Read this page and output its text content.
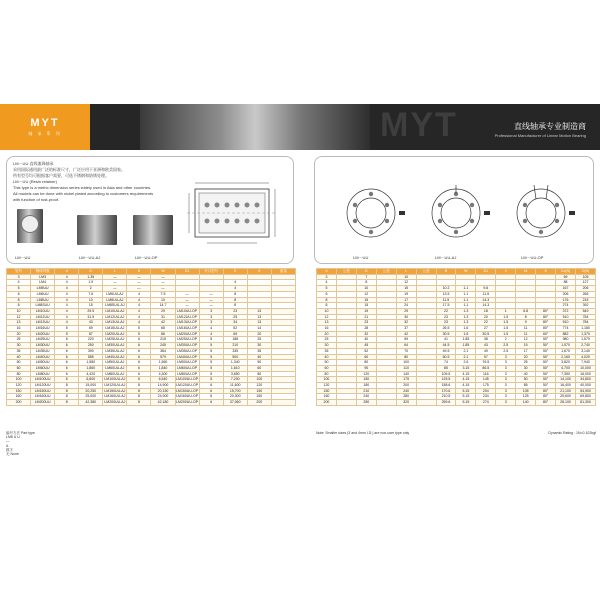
MYT
MYT
轴 承 系 列
直线轴承专业制造商
Professional Manufacturer of Linear Motion Bearing
LM···UU 直线滚珠轴承
采用国际通用最广泛的标准尺寸，广泛应用于亚洲和欧美国家。
所有型号均可根据客户需要，可选不锈钢和防锈处理。
LM···UU (Resin retainer)
This type is a metric dimension series widely used in Asia and other countries.
All models can be done with nickel plated according to customers requirements
with function of rust-proof.
LM···UU	LM···UU-AJ	LM···UU-OP	LM···UU	LM···UU-AJ	LM···UU-OP
型号	钢球列数	d	D	L	B	W	D1	开口型号	E	θ	重量
3	LM3	4	1.35	—	—	—					
4	LM4	4	1.9	—	—	—			4		
5	LM5UU	4	2	—	—	—			4		
6	LM6UU	4	7.6	LM6UU-AJ	4	7.5	—	—	8		
8	LM8UU	4	10	LM8UU-AJ	4	10	—	—	8		
8	LM8SUU	4	15	LM8SUU-AJ	4	14.7	—	—	8		
10	LM10UU	4	29.5	LM10UU-AJ	4	29	LM10UU-OP	3	23	13	
12	LM12UU	4	31.5	LM12UU-AJ	4	31	LM12UU-OP	3	25	13	
13	LM13UU	4	43	LM13UU-AJ	4	42	LM13UU-OP	3	34	13	
16	LM16UU	5	69	LM16UU-AJ	5	68	LM16UU-OP	4	52	14	
20	LM20UU	5	87	LM20UU-AJ	5	86	LM20UU-OP	4	69	20	
25	LM25UU	6	220	LM25UU-AJ	6	215	LM25UU-OP	5	188	25	
30	LM30UU	6	250	LM30UU-AJ	6	245	LM30UU-OP	5	210	30	
35	LM35UU	6	390	LM35UU-AJ	6	384	LM35UU-OP	5	335	35	
40	LM40UU	6	585	LM40UU-AJ	6	579	LM40UU-OP	5	500	40	
50	LM50UU	6	1,580	LM50UU-AJ	6	1,560	LM50UU-OP	5	1,340	50	
60	LM60UU	6	1,860	LM60UU-AJ	6	1,840	LM60UU-OP	5	1,610	60	
80	LM80UU	6	4,420	LM80UU-AJ	6	4,300	LM80UU-OP	5	3,650	80	
100	LM100UU	6	6,600	LM100UU-AJ	6	6,540	LM100UU-OP	5	7,200	100	
120	LM120UU	8	15,000	LM120UU-AJ	8	14,900	LM120UU-OP	6	11,600	120	
150	LM150UU	8	20,250	LM150UU-AJ	8	20,150	LM150UU-OP	6	15,700	150	
160	LM160UU	8	25,000	LM160UU-AJ	8	24,900	LM160UU-OP	6	20,300	160	
200	LM200UU	8	42,380	LM200UU-AJ	8	42,180	LM200UU-OP	6	37,060	200	
d	公差	D	公差	L	公差	B	W	D1	h	h1	θ	Co(N)	C(N)
3		7		10								69	105
4		8		12								88	127
5		10		15		10.2	1.1	9.6				167	206
6		12		19		13.5	1.1	11.5				206	265
8		15		17		11.5	1.1	14.3				176	215
8		15		24		17.5	1.1	14.3				274	392
10		19		29		22	1.3	18	1	6.8	80°	372	549
12		21		30		23	1.3	20	1.5	8	80°	510	784
13		23		32		23	1.3	22	1.5	9	80°	510	784
16		28		37		26.5	1.6	27	1.5	11	80°	774	1,180
20		32		42		30.5	1.6	30.5	1.5	11	60°	882	1,370
25		40		59		41	1.85	38	2	12	50°	980	1,570
30		45		64		44.5	1.85	43	2.5	15	50°	1,570	2,740
35		52		70		49.5	2.1	49	2.5	17	50°	1,670	3,140
40		60		80		60.5	2.1	57	3	20	50°	2,160	4,020
50		80		100		74	2.6	76.5	3	25	50°	3,820	7,940
60		90		110		85	3.15	86.5	3	30	50°	4,700	10,000
80		120		140		105.5	4.15	116	3	40	50°	7,350	16,000
100		150		175		125.5	4.15	145	3	50	50°	14,100	34,800
120		180		200		158.6	4.15	175	3	85	50°	16,400	40,000
150		210		240		170.6	5.15	204	3	105	80°	21,100	54,900
160		240		280		210.5	5.15	234	3	125	80°	25,600	69,800
200		280		320		259.6	5.15	274	3	140	80°	28,100	81,300
编号方法 Part type
LM8 U U
—
A
数字
无 None
Note: Smaller sizes (3 and 4mm I.D.) are non-user type only	Dynamic Rating : 1N=0.102kgf
